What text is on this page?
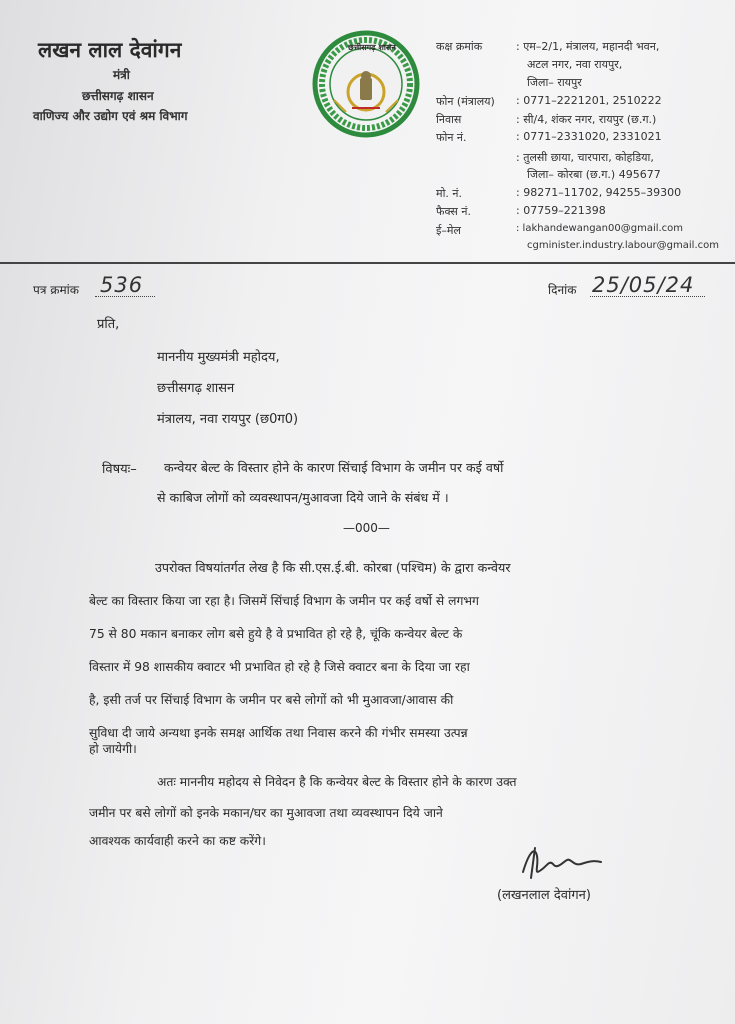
लखन लाल देवांगन
मंत्री
छत्तीसगढ़ शासन
वाणिज्य और उद्योग एवं श्रम विभाग
छत्तीसगढ़ शासन	कक्ष क्रमांक	: एम–2/1, मंत्रालय, महानदी भवन,
अटल नगर, नवा रायपुर,
जिला– रायपुर
फोन (मंत्रालय) : 0771–2221201, 2510222
निवास	: सी/4, शंकर नगर, रायपुर (छ.ग.)
फोन नं.	: 0771–2331020, 2331021
: तुलसी छाया, चारपारा, कोहडिया,
जिला– कोरबा (छ.ग.) 495677
मो. नं.	: 98271–11702, 94255–39300
फैक्स नं.	: 07759–221398
ई–मेल	: lakhandewangan00@gmail.com
cgminister.industry.labour@gmail.com
पत्र क्रमांक 536	दिनांक 25/05/24
प्रति,
माननीय मुख्यमंत्री महोदय,
छत्तीसगढ़ शासन
मंत्रालय, नवा रायपुर (छ0ग0)
विषयः– कन्वेयर बेल्ट के विस्तार होने के कारण सिंचाई विभाग के जमीन पर कई वर्षो
से काबिज लोगों को व्यवस्थापन/मुआवजा दिये जाने के संबंध में ।
—000—
उपरोक्त विषयांतर्गत लेख है कि सी.एस.ई.बी. कोरबा (पश्चिम) के द्वारा कन्वेयर
बेल्ट का विस्तार किया जा रहा है। जिसमें सिंचाई विभाग के जमीन पर कई वर्षो से लगभग
75 से 80 मकान बनाकर लोग बसे हुये है वे प्रभावित हो रहे है, चूंकि कन्वेयर बेल्ट के
विस्तार में 98 शासकीय क्वाटर भी प्रभावित हो रहे है जिसे क्वाटर बना के दिया जा रहा
है, इसी तर्ज पर सिंचाई विभाग के जमीन पर बसे लोगों को भी मुआवजा/आवास की
सुविधा दी जाये अन्यथा इनके समक्ष आर्थिक तथा निवास करने की गंभीर समस्या उत्पन्न
हो जायेगी।
अतः माननीय महोदय से निवेदन है कि कन्वेयर बेल्ट के विस्तार होने के कारण उक्त
जमीन पर बसे लोगों को इनके मकान/घर का मुआवजा तथा व्यवस्थापन दिये जाने
आवश्यक कार्यवाही करने का कष्ट करेंगे।
(लखनलाल देवांगन)
